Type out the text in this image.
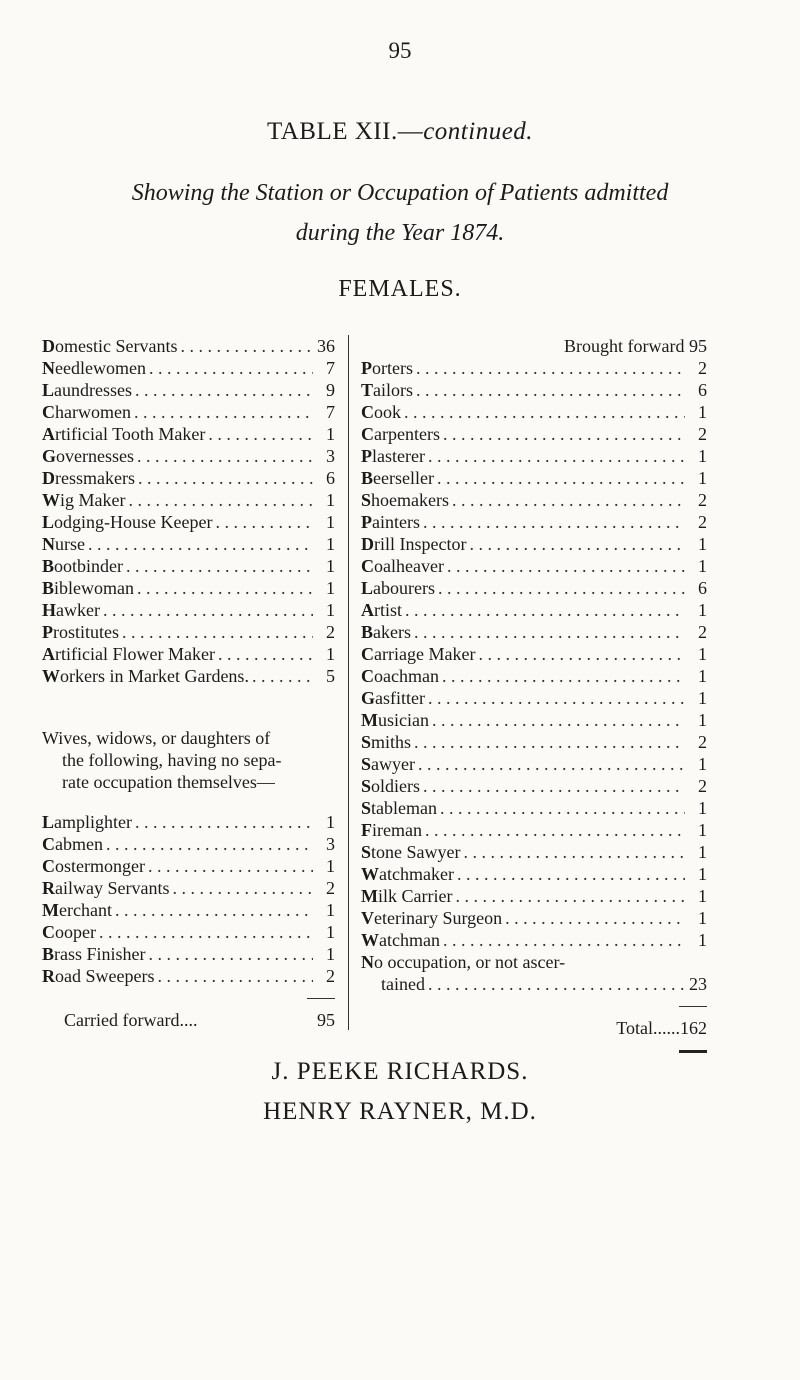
95
TABLE XII.—continued.
Showing the Station or Occupation of Patients admitted
during the Year 1874.
FEMALES.
Domestic Servants . . .	36
Needlewomen . . .	7
Laundresses . . .	9
Charwomen . . .	7
Artificial Tooth Maker . . .	1
Governesses . . .	3
Dressmakers . . .	6
Wig Maker . . .	1
Lodging-House Keeper . . .	1
Nurse . . .	1
Bootbinder . . .	1
Biblewoman . . .	1
Hawker . . .	1
Prostitutes . . .	2
Artificial Flower Maker . . .	1
Workers in Market Gardens. . . .	5

Wives, widows, or daughters of
the following, having no sepa-
rate occupation themselves—

Lamplighter . . .	1
Cabmen . . .	3
Costermonger . . .	1
Railway Servants . . .	2
Merchant . . .	1
Cooper . . .	1
Brass Finisher . . .	1
Road Sweepers . . .	2
Carried forward....	95
Brought forward 95
Porters . . .	2
Tailors . . .	6
Cook . . .	1
Carpenters . . .	2
Plasterer . . .	1
Beerseller . . .	1
Shoemakers . . .	2
Painters . . .	2
Drill Inspector . . .	1
Coalheaver . . .	1
Labourers . . .	6
Artist . . .	1
Bakers . . .	2
Carriage Maker . . .	1
Coachman . . .	1
Gasfitter . . .	1
Musician . . .	1
Smiths . . .	2
Sawyer . . .	1
Soldiers . . .	2
Stableman . . .	1
Fireman . . .	1
Stone Sawyer . . .	1
Watchmaker . . .	1
Milk Carrier . . .	1
Veterinary Surgeon . . .	1
Watchman . . .	1
No occupation, or not ascer-
tained . . .	23
Total......162
J. PEEKE RICHARDS.
HENRY RAYNER, M.D.
